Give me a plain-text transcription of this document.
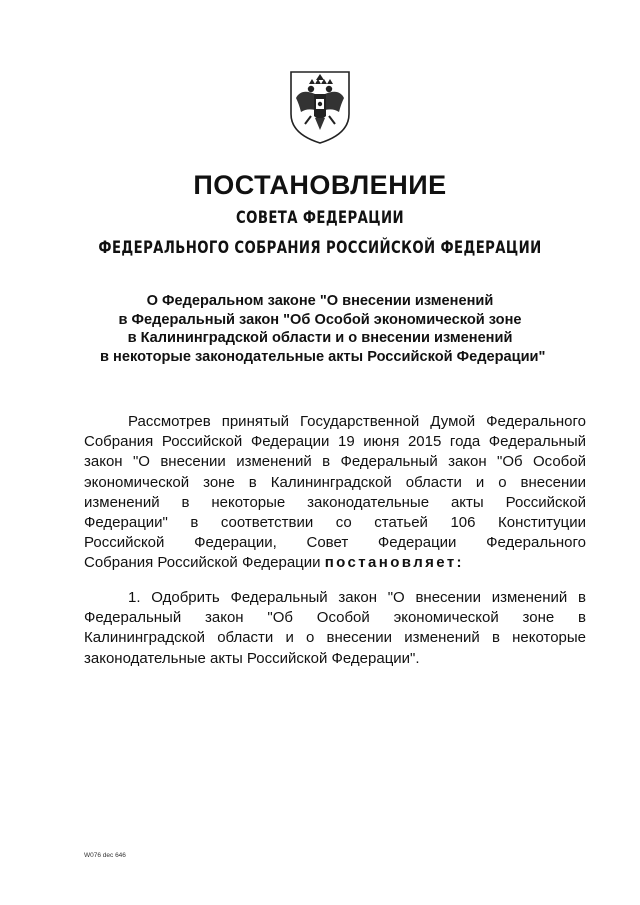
ПОСТАНОВЛЕНИЕ
СОВЕТА ФЕДЕРАЦИИ
ФЕДЕРАЛЬНОГО СОБРАНИЯ РОССИЙСКОЙ ФЕДЕРАЦИИ
О Федеральном законе "О внесении изменений
в Федеральный закон "Об Особой экономической зоне
в Калининградской области и о внесении изменений
в некоторые законодательные акты Российской Федерации"
Рассмотрев принятый Государственной Думой Федерального
Собрания Российской Федерации 19 июня 2015 года Федеральный
закон "О внесении изменений в Федеральный закон "Об Особой
экономической зоне в Калининградской области и о внесении
изменений в некоторые законодательные акты Российской
Федерации" в соответствии со статьей 106 Конституции
Российской Федерации, Совет Федерации Федерального
Собрания Российской Федерации постановляет:
1. Одобрить Федеральный закон "О внесении изменений в
Федеральный закон "Об Особой экономической зоне в
Калининградской области и о внесении изменений в некоторые
законодательные акты Российской Федерации".
W076 dec 646
